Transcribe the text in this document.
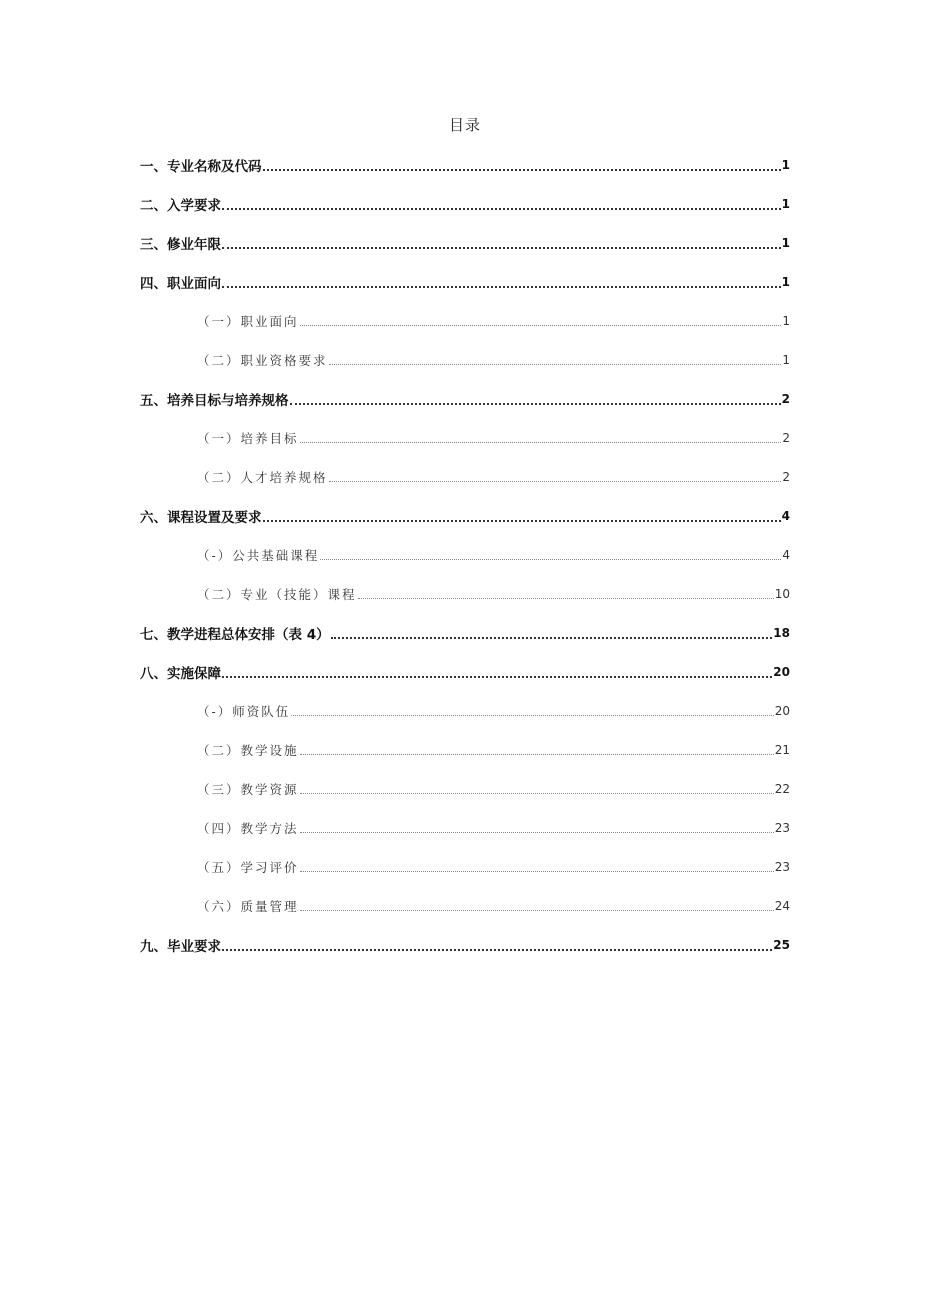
目录
一、专业名称及代码	1
二、入学要求	1
三、修业年限	1
四、职业面向	1
（一）职业面向	1
（二）职业资格要求	1
五、培养目标与培养规格	2
（一）培养目标	2
（二）人才培养规格	2
六、课程设置及要求	4
（-）公共基础课程	4
（二）专业（技能）课程	10
七、教学进程总体安排（表 4）	18
八、实施保障	20
（-）师资队伍	20
（二）教学设施	21
（三）教学资源	22
（四）教学方法	23
（五）学习评价	23
（六）质量管理	24
九、毕业要求	25
